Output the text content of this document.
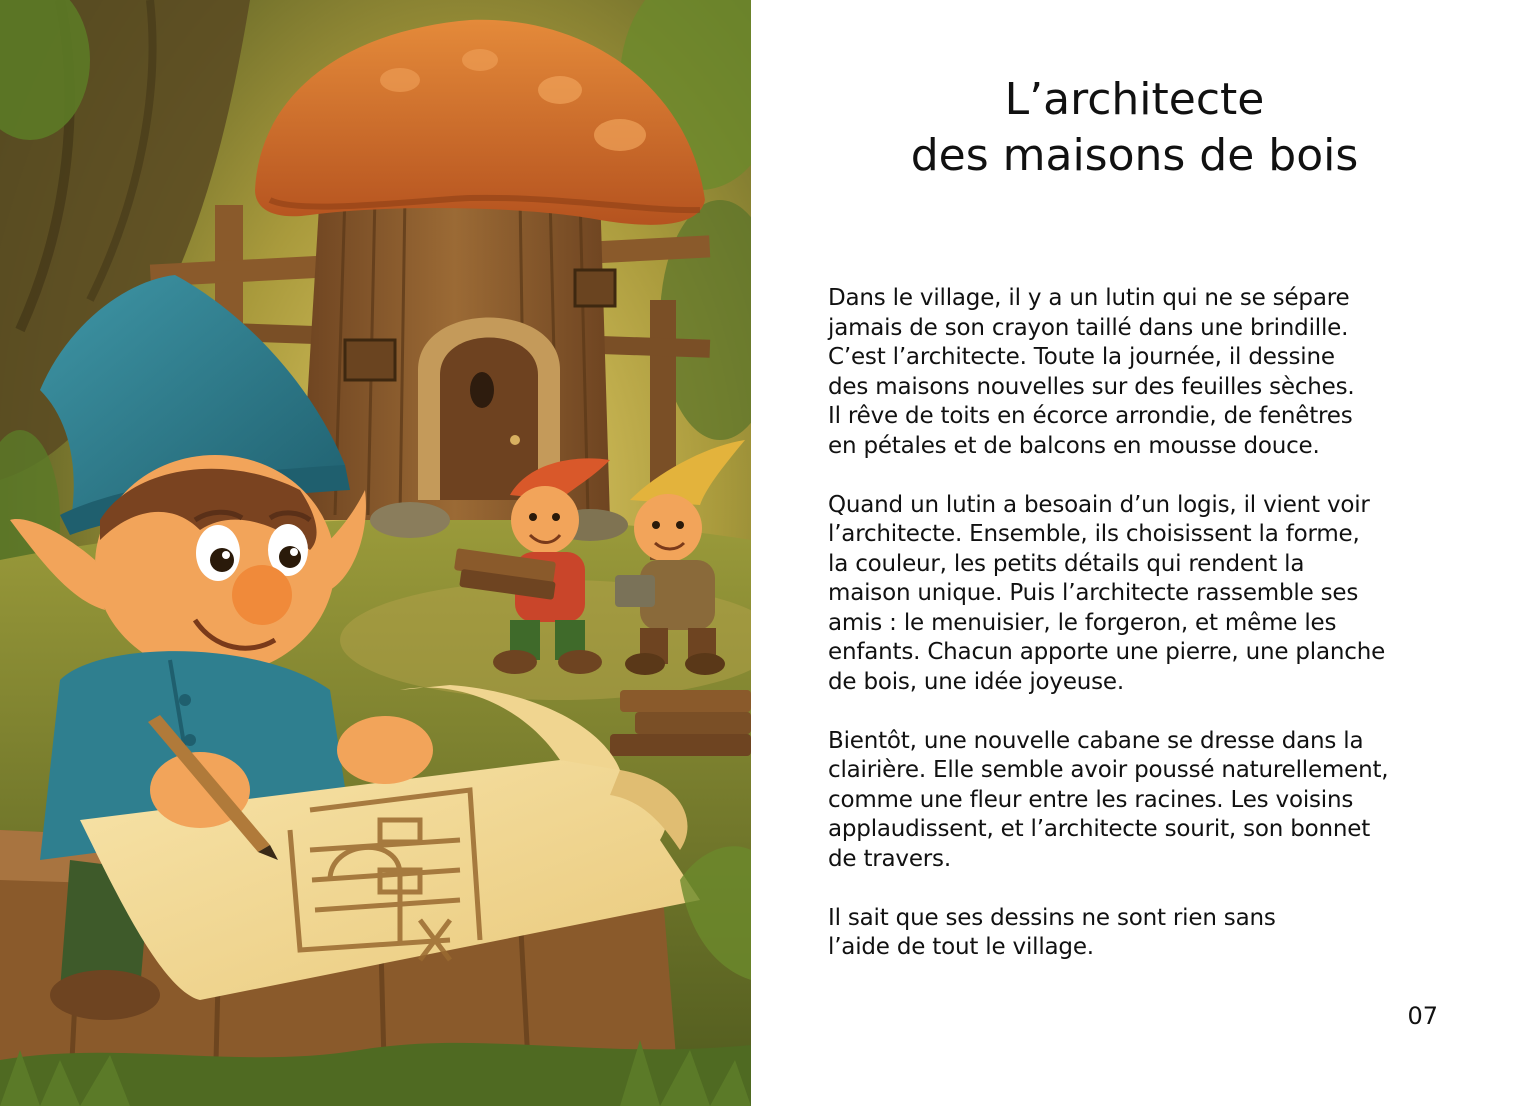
L’architecte
des maisons de bois

Dans le village, il y a un lutin qui ne se sépare
jamais de son crayon taillé dans une brindille.
C’est l’architecte. Toute la journée, il dessine
des maisons nouvelles sur des feuilles sèches.
Il rêve de toits en écorce arrondie, de fenêtres
en pétales et de balcons en mousse douce.

Quand un lutin a besoain d’un logis, il vient voir
l’architecte. Ensemble, ils choisissent la forme,
la couleur, les petits détails qui rendent la
maison unique. Puis l’architecte rassemble ses
amis : le menuisier, le forgeron, et même les
enfants. Chacun apporte une pierre, une planche
de bois, une idée joyeuse.

Bientôt, une nouvelle cabane se dresse dans la
clairière. Elle semble avoir poussé naturellement,
comme une fleur entre les racines. Les voisins
applaudissent, et l’architecte sourit, son bonnet
de travers.

Il sait que ses dessins ne sont rien sans
l’aide de tout le village.

07
